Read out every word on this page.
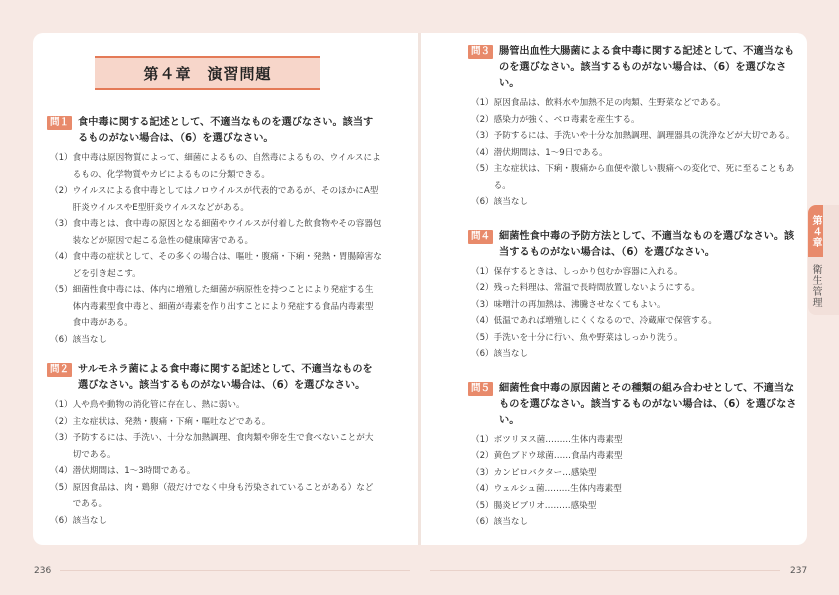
第４章　演習問題
問１ 食中毒に関する記述として、不適当なものを選びなさい。該当するものがない場合は、（6）を選びなさい。
（1） 食中毒は原因物質によって、細菌によるもの、自然毒によるもの、ウイルスによるもの、化学物質やカビによるものに分類できる。
（2） ウイルスによる食中毒としてはノロウイルスが代表的であるが、そのほかにA型肝炎ウイルスやE型肝炎ウイルスなどがある。
（3） 食中毒とは、食中毒の原因となる細菌やウイルスが付着した飲食物やその容器包装などが原因で起こる急性の健康障害である。
（4） 食中毒の症状として、その多くの場合は、嘔吐・腹痛・下痢・発熱・胃腸障害などを引き起こす。
（5） 細菌性食中毒には、体内に増殖した細菌が病原性を持つことにより発症する生体内毒素型食中毒と、細菌が毒素を作り出すことにより発症する食品内毒素型食中毒がある。
（6） 該当なし
問２ サルモネラ菌による食中毒に関する記述として、不適当なものを選びなさい。該当するものがない場合は、（6）を選びなさい。
（1） 人や鳥や動物の消化管に存在し、熱に弱い。
（2） 主な症状は、発熱・腹痛・下痢・嘔吐などである。
（3） 予防するには、手洗い、十分な加熱調理、食肉類や卵を生で食べないことが大切である。
（4） 潜伏期間は、1～3時間である。
（5） 原因食品は、肉・鶏卵（殻だけでなく中身も汚染されていることがある）などである。
（6） 該当なし
問３ 腸管出血性大腸菌による食中毒に関する記述として、不適当なものを選びなさい。該当するものがない場合は、（6）を選びなさい。
（1） 原因食品は、飲料水や加熱不足の肉類、生野菜などである。
（2） 感染力が強く、ベロ毒素を産生する。
（3） 予防するには、手洗いや十分な加熱調理、調理器具の洗浄などが大切である。
（4） 潜伏期間は、1～9日である。
（5） 主な症状は、下痢・腹痛から血便や激しい腹痛への変化で、死に至ることもある。
（6） 該当なし
問４ 細菌性食中毒の予防方法として、不適当なものを選びなさい。該当するものがない場合は、（6）を選びなさい。
（1） 保存するときは、しっかり包むか容器に入れる。
（2） 残った料理は、常温で長時間放置しないようにする。
（3） 味噌汁の再加熱は、沸騰させなくてもよい。
（4） 低温であれば増殖しにくくなるので、冷蔵庫で保管する。
（5） 手洗いを十分に行い、魚や野菜はしっかり洗う。
（6） 該当なし
問５ 細菌性食中毒の原因菌とその種類の組み合わせとして、不適当なものを選びなさい。該当するものがない場合は、（6）を選びなさい。
（1） ボツリヌス菌………生体内毒素型
（2） 黄色ブドウ球菌……食品内毒素型
（3） カンピロバクター…感染型
（4） ウェルシュ菌………生体内毒素型
（5） 腸炎ビブリオ………感染型
（6） 該当なし
第４章
衛生管理
236	237
